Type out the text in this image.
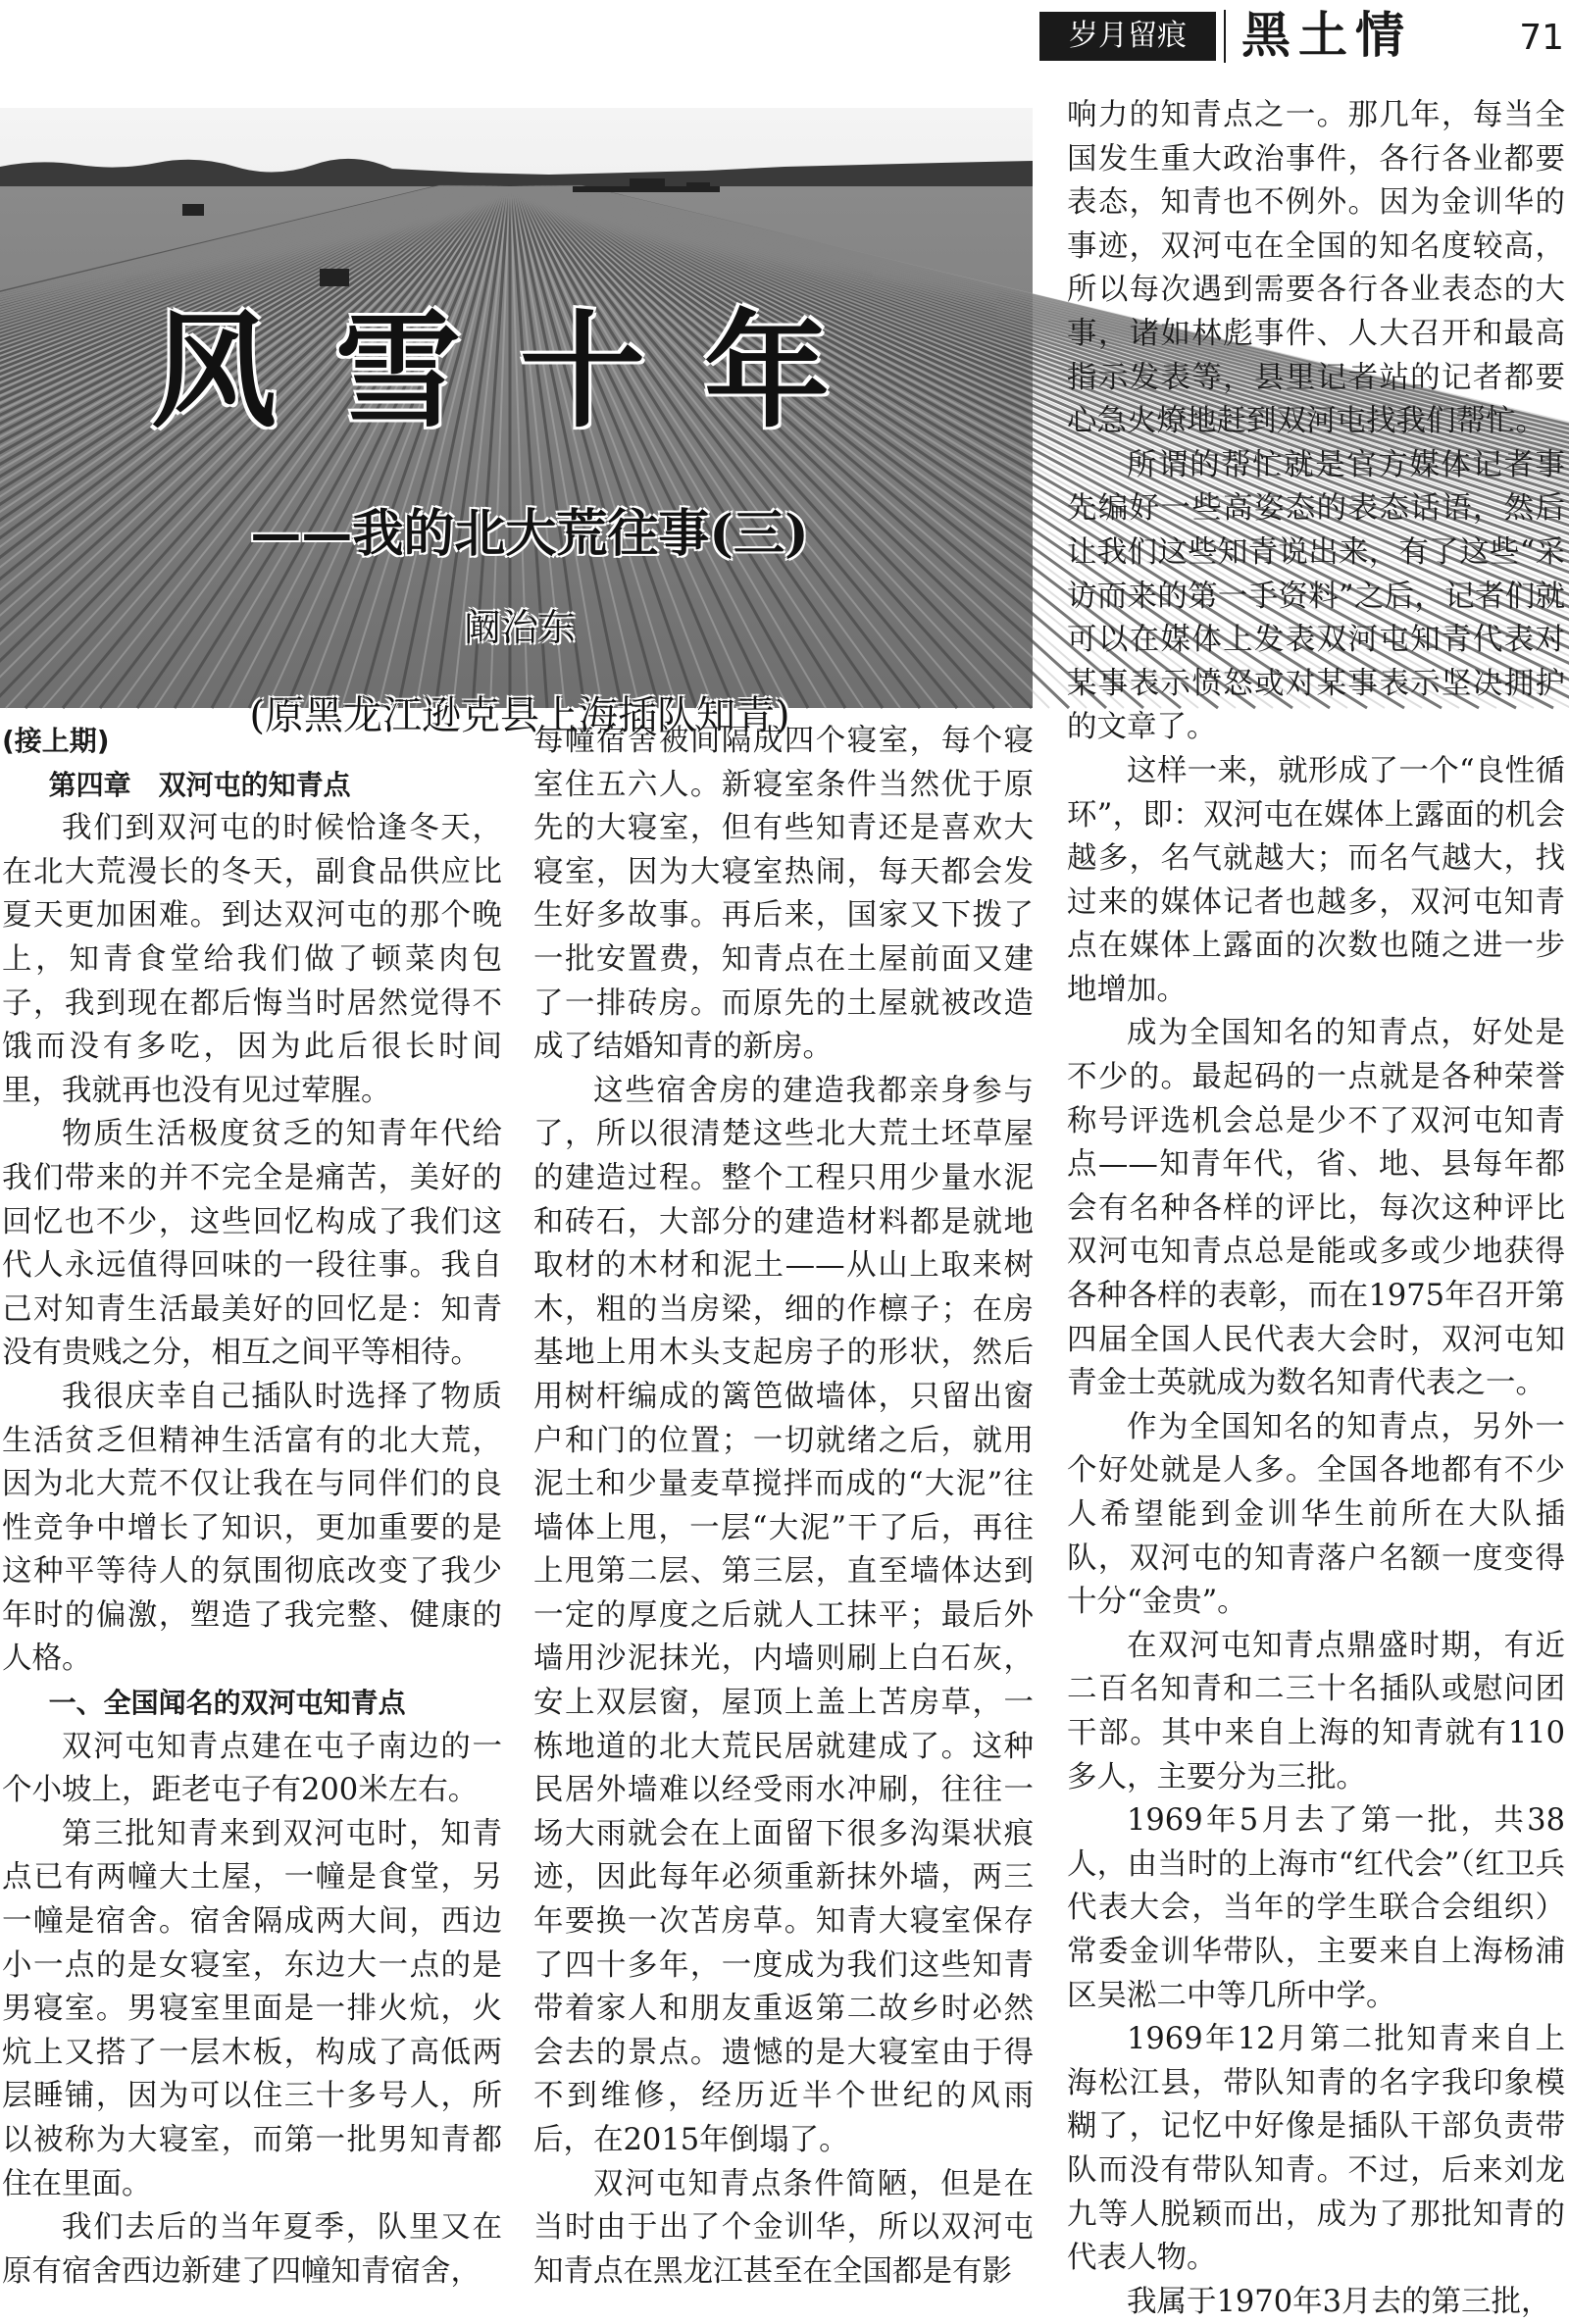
岁月留痕	黑土情	71
风雪十年
——我的北大荒往事(三)
阚治东
(原黑龙江逊克县上海插队知青)

(接上期)

第四章　双河屯的知青点

我们到双河屯的时候恰逢冬天，在北大荒漫长的冬天，副食品供应比夏天更加困难。到达双河屯的那个晚上，知青食堂给我们做了顿菜肉包子，我到现在都后悔当时居然觉得不饿而没有多吃，因为此后很长时间里，我就再也没有见过荤腥。

物质生活极度贫乏的知青年代给我们带来的并不完全是痛苦，美好的回忆也不少，这些回忆构成了我们这代人永远值得回味的一段往事。我自己对知青生活最美好的回忆是：知青没有贵贱之分，相互之间平等相待。

我很庆幸自己插队时选择了物质生活贫乏但精神生活富有的北大荒，因为北大荒不仅让我在与同伴们的良性竞争中增长了知识，更加重要的是这种平等待人的氛围彻底改变了我少年时的偏激，塑造了我完整、健康的人格。

一、全国闻名的双河屯知青点

双河屯知青点建在屯子南边的一个小坡上，距老屯子有200米左右。

第三批知青来到双河屯时，知青点已有两幢大土屋，一幢是食堂，另一幢是宿舍。宿舍隔成两大间，西边小一点的是女寝室，东边大一点的是男寝室。男寝室里面是一排火炕，火炕上又搭了一层木板，构成了高低两层睡铺，因为可以住三十多号人，所以被称为大寝室，而第一批男知青都住在里面。

我们去后的当年夏季，队里又在原有宿舍西边新建了四幢知青宿舍，

每幢宿舍被间隔成四个寝室，每个寝室住五六人。新寝室条件当然优于原先的大寝室，但有些知青还是喜欢大寝室，因为大寝室热闹，每天都会发生好多故事。再后来，国家又下拨了一批安置费，知青点在土屋前面又建了一排砖房。而原先的土屋就被改造成了结婚知青的新房。

这些宿舍房的建造我都亲身参与了，所以很清楚这些北大荒土坯草屋的建造过程。整个工程只用少量水泥和砖石，大部分的建造材料都是就地取材的木材和泥土——从山上取来树木，粗的当房梁，细的作檩子；在房基地上用木头支起房子的形状，然后用树杆编成的篱笆做墙体，只留出窗户和门的位置；一切就绪之后，就用泥土和少量麦草搅拌而成的“大泥”往墙体上甩，一层“大泥”干了后，再往上甩第二层、第三层，直至墙体达到一定的厚度之后就人工抹平；最后外墙用沙泥抹光，内墙则刷上白石灰，安上双层窗，屋顶上盖上苫房草，一栋地道的北大荒民居就建成了。这种民居外墙难以经受雨水冲刷，往往一场大雨就会在上面留下很多沟渠状痕迹，因此每年必须重新抹外墙，两三年要换一次苫房草。知青大寝室保存了四十多年，一度成为我们这些知青带着家人和朋友重返第二故乡时必然会去的景点。遗憾的是大寝室由于得不到维修，经历近半个世纪的风雨后，在2015年倒塌了。

双河屯知青点条件简陋，但是在当时由于出了个金训华，所以双河屯知青点在黑龙江甚至在全国都是有影

响力的知青点之一。那几年，每当全国发生重大政治事件，各行各业都要表态，知青也不例外。因为金训华的事迹，双河屯在全国的知名度较高，所以每次遇到需要各行各业表态的大事，诸如林彪事件、人大召开和最高指示发表等，县里记者站的记者都要心急火燎地赶到双河屯找我们帮忙。

所谓的帮忙就是官方媒体记者事先编好一些高姿态的表态话语，然后让我们这些知青说出来，有了这些“采访而来的第一手资料”之后，记者们就可以在媒体上发表双河屯知青代表对某事表示愤怒或对某事表示坚决拥护的文章了。

这样一来，就形成了一个“良性循环”，即：双河屯在媒体上露面的机会越多，名气就越大；而名气越大，找过来的媒体记者也越多，双河屯知青点在媒体上露面的次数也随之进一步地增加。

成为全国知名的知青点，好处是不少的。最起码的一点就是各种荣誉称号评选机会总是少不了双河屯知青点——知青年代，省、地、县每年都会有名种各样的评比，每次这种评比双河屯知青点总是能或多或少地获得各种各样的表彰，而在1975年召开第四届全国人民代表大会时，双河屯知青金士英就成为数名知青代表之一。

作为全国知名的知青点，另外一个好处就是人多。全国各地都有不少人希望能到金训华生前所在大队插队，双河屯的知青落户名额一度变得十分“金贵”。

在双河屯知青点鼎盛时期，有近二百名知青和二三十名插队或慰问团干部。其中来自上海的知青就有110多人，主要分为三批。

1969年5月去了第一批，共38人，由当时的上海市“红代会”（红卫兵代表大会，当年的学生联合会组织）常委金训华带队，主要来自上海杨浦区吴淞二中等几所中学。

1969年12月第二批知青来自上海松江县，带队知青的名字我印象模糊了，记忆中好像是插队干部负责带队而没有带队知青。不过，后来刘龙九等人脱颖而出，成为了那批知青的代表人物。

我属于1970年3月去的第三批，
